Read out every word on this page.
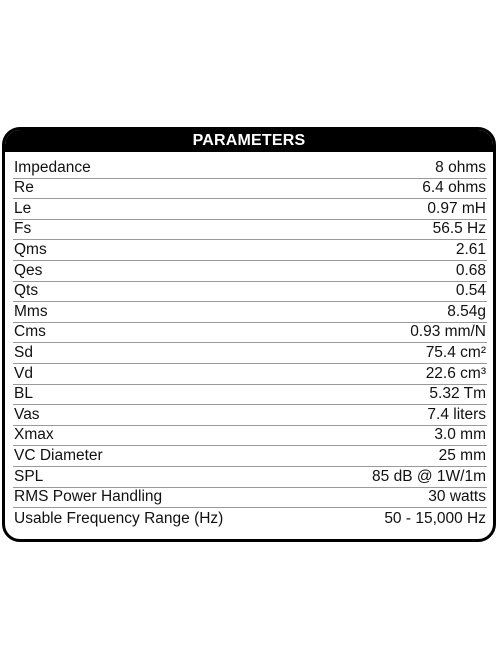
PARAMETERS
Impedance	8 ohms
Re	6.4 ohms
Le	0.97 mH
Fs	56.5 Hz
Qms	2.61
Qes	0.68
Qts	0.54
Mms	8.54g
Cms	0.93 mm/N
Sd	75.4 cm²
Vd	22.6 cm³
BL	5.32 Tm
Vas	7.4 liters
Xmax	3.0 mm
VC Diameter	25 mm
SPL	85 dB @ 1W/1m
RMS Power Handling	30 watts
Usable Frequency Range (Hz)	50 - 15,000 Hz
